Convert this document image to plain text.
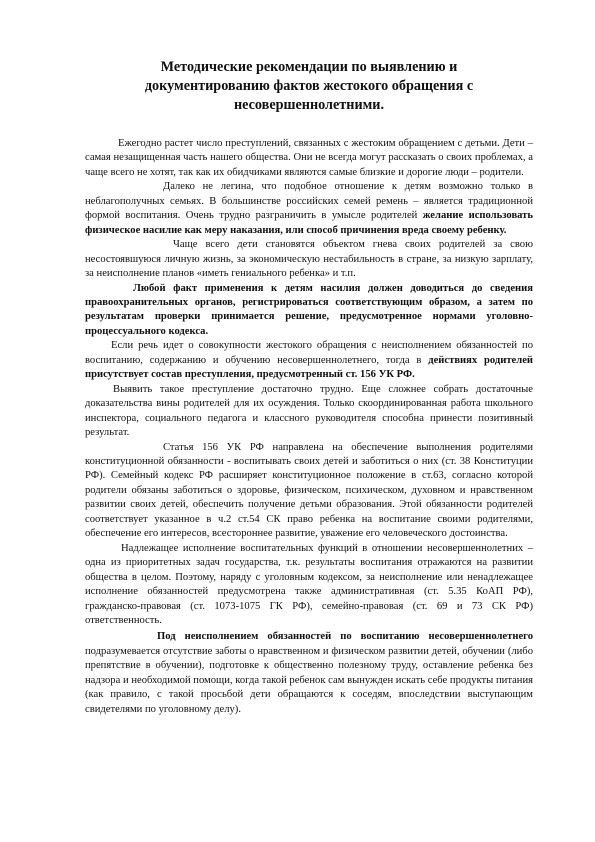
Методические рекомендации по выявлению и
документированию фактов жестокого обращения с
несовершеннолетними.

Ежегодно растет число преступлений, связанных с жестоким обращением с детьми. Дети – самая незащищенная часть нашего общества. Они не всегда могут рассказать о своих проблемах, а чаще всего не хотят, так как их обидчиками являются самые близкие и дорогие люди – родители.

Далеко не легина, что подобное отношение к детям возможно только в неблагополучных семьях. В большинстве российских семей ремень – является традиционной формой воспитания. Очень трудно разграничить в умысле родителей желание использовать физическое насилие как меру наказания, или способ причинения вреда своему ребенку.

Чаще всего дети становятся объектом гнева своих родителей за свою несостоявшуюся личную жизнь, за экономическую нестабильность в стране, за низкую зарплату, за неисполнение планов «иметь гениального ребенка» и т.п.

Любой факт применения к детям насилия должен доводиться до сведения правоохранительных органов, регистрироваться соответствующим образом, а затем по результатам проверки принимается решение, предусмотренное нормами уголовно-процессуального кодекса.

Если речь идет о совокупности жестокого обращения с неисполнением обязанностей по воспитанию, содержанию и обучению несовершеннолетнего, тогда в действиях родителей присутствует состав преступления, предусмотренный ст. 156 УК РФ.

Выявить такое преступление достаточно трудно. Еще сложнее собрать достаточные доказательства вины родителей для их осуждения. Только скоординированная работа школьного инспектора, социального педагога и классного руководителя способна принести позитивный результат.

Статья 156 УК РФ направлена на обеспечение выполнения родителями конституционной обязанности - воспитывать своих детей и заботиться о них (ст. 38 Конституции РФ). Семейный кодекс РФ расширяет конституционное положение в ст.63, согласно которой родители обязаны заботиться о здоровье, физическом, психическом, духовном и нравственном развитии своих детей, обеспечить получение детьми образования. Этой обязанности родителей соответствует указанное в ч.2 ст.54 СК право ребенка на воспитание своими родителями, обеспечение его интересов, всестороннее развитие, уважение его человеческого достоинства.

Надлежащее исполнение воспитательных функций в отношении несовершеннолетних – одна из приоритетных задач государства, т.к. результаты воспитания отражаются на развитии общества в целом. Поэтому, наряду с уголовным кодексом, за неисполнение или ненадлежащее исполнение обязанностей предусмотрена также административная (ст. 5.35 КоАП РФ), гражданско-правовая (ст. 1073-1075 ГК РФ), семейно-правовая (ст. 69 и 73 СК РФ) ответственность.

Под неисполнением обязанностей по воспитанию несовершеннолетнего подразумевается отсутствие заботы о нравственном и физическом развитии детей, обучении (либо препятствие в обучении), подготовке к общественно полезному труду, оставление ребенка без надзора и необходимой помощи, когда такой ребенок сам вынужден искать себе продукты питания (как правило, с такой просьбой дети обращаются к соседям, впоследствии выступающим свидетелями по уголовному делу).
